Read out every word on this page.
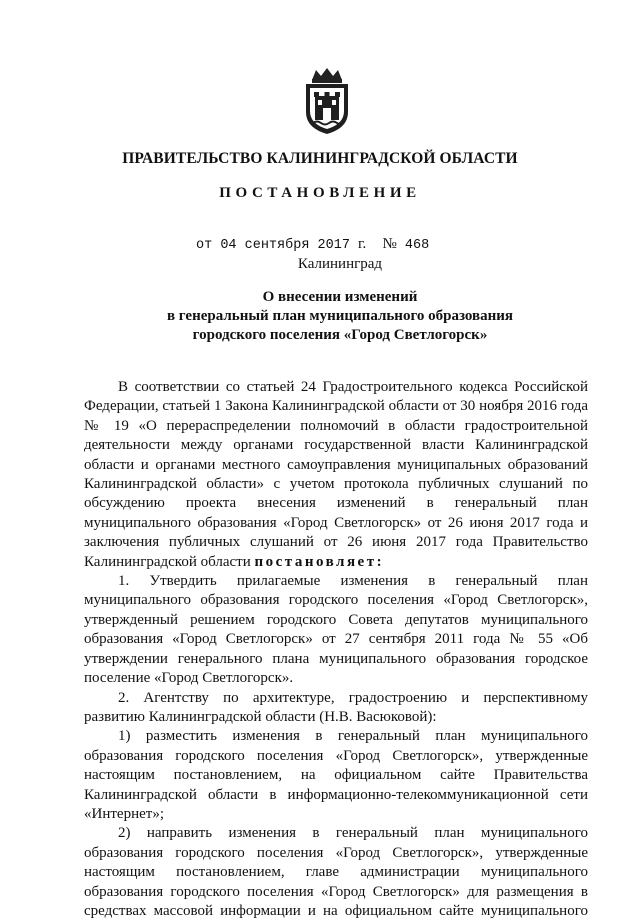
ПРАВИТЕЛЬСТВО КАЛИНИНГРАДСКОЙ ОБЛАСТИ
ПОСТАНОВЛЕНИЕ
от 04 сентября 2017 г. № 468
Калининград
О внесении изменений
в генеральный план муниципального образования
городского поселения «Город Светлогорск»

В соответствии со статьей 24 Градостроительного кодекса Российской Федерации, статьей 1 Закона Калининградской области от 30 ноября 2016 года № 19 «О перераспределении полномочий в области градостроительной деятельности между органами государственной власти Калининградской области и органами местного самоуправления муниципальных образований Калининградской области» с учетом протокола публичных слушаний по обсуждению проекта внесения изменений в генеральный план муниципального образования «Город Светлогорск» от 26 июня 2017 года и заключения публичных слушаний от 26 июня 2017 года Правительство Калининградской области постановляет:

1. Утвердить прилагаемые изменения в генеральный план муниципального образования городского поселения «Город Светлогорск», утвержденный решением городского Совета депутатов муниципального образования «Город Светлогорск» от 27 сентября 2011 года № 55 «Об утверждении генерального плана муниципального образования городское поселение «Город Светлогорск».

2. Агентству по архитектуре, градостроению и перспективному развитию Калининградской области (Н.В. Васюковой):

1) разместить изменения в генеральный план муниципального образования городского поселения «Город Светлогорск», утвержденные настоящим постановлением, на официальном сайте Правительства Калининградской области в информационно-телекоммуникационной сети «Интернет»;

2) направить изменения в генеральный план муниципального образования городского поселения «Город Светлогорск», утвержденные настоящим постановлением, главе администрации муниципального образования городского поселения «Город Светлогорск» для размещения в средствах массовой информации и на официальном сайте муниципального
